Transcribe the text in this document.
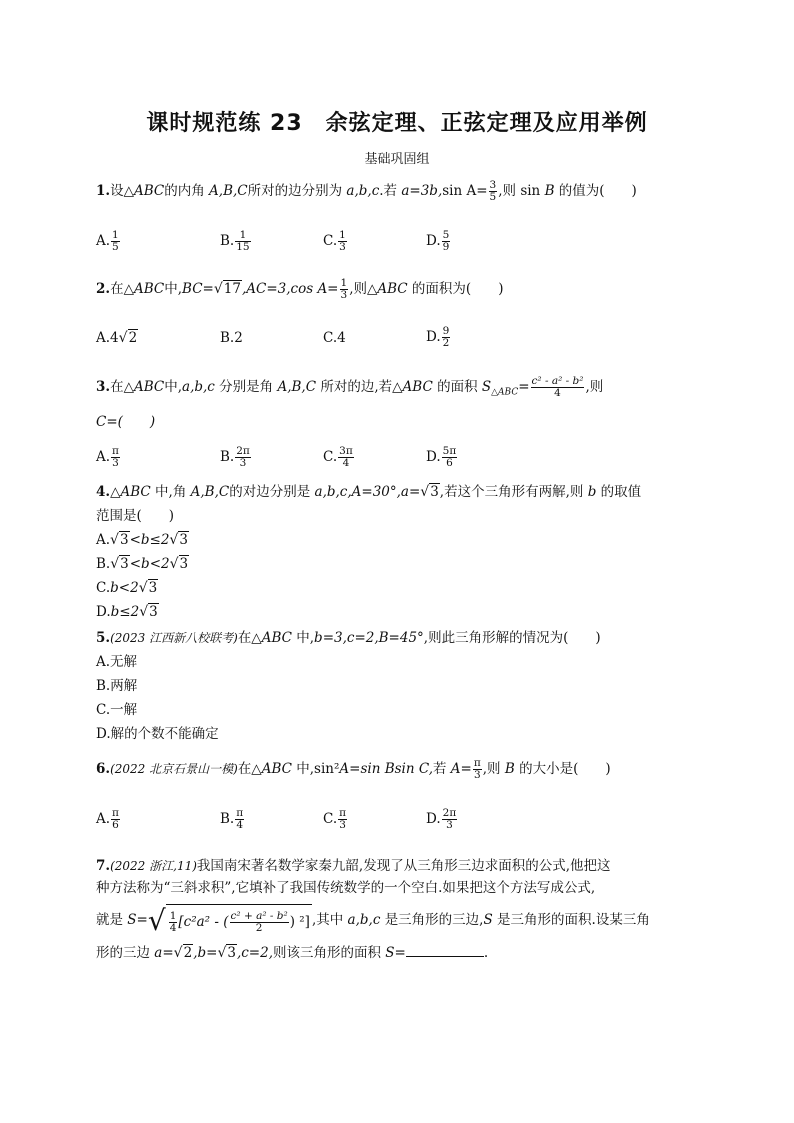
课时规范练 23　余弦定理、正弦定理及应用举例
基础巩固组
1.设△ABC的内角 A,B,C所对的边分别为 a,b,c.若 a=3b,sin $A= \frac{3}{5}$ ,则 sin B 的值为(　　)
A. $\frac{1}{5}$	B. $\frac{1}{15}$	C. $\frac{1}{3}$	D. $\frac{5}{9}$
2.在△ABC中,BC=√17,AC=3,cos $A= \frac{1}{3}$ ,则△ABC 的面积为(　　)
A.4√2	B.2	C.4	D. $\frac{9}{2}$
3.在△ABC中,a,b,c 分别是角 A,B,C 所对的边,若△ABC 的面积 $S_{\triangle ABC}= \frac{\text{c² - a² - b²}}{4}$ ,则
C=(　　)
A. $\frac{\pi}{3}$	B. $\frac{2\pi}{3}$	C. $\frac{3\pi}{4}$	D. $\frac{5\pi}{6}$
4.△ABC 中,角 A,B,C的对边分别是 a,b,c,A=30°,a=√3,若这个三角形有两解,则 b 的取值
范围是(　　)
A.√3<b≤2√3
B.√3<b<2√3
C.b<2√3
D.b≤2√3
5.(2023 江西新八校联考)在△ABC 中,b=3,c=2,B=45°,则此三角形解的情况为(　　)
A.无解
B.两解
C.一解
D.解的个数不能确定
6.(2022 北京石景山一模)在△ABC 中,sin²A=sin Bsin C,若 $A= \frac{\pi}{3}$ ,则 B 的大小是(　　)
A. $\frac{\pi}{6}$	B. $\frac{\pi}{4}$	C. $\frac{\pi}{3}$	D. $\frac{2\pi}{3}$
7.(2022 浙江,11)我国南宋著名数学家秦九韶,发现了从三角形三边求面积的公式,他把这
种方法称为“三斜求积”,它填补了我国传统数学的一个空白.如果把这个方法写成公式,
就是 $S=√ \frac{1}{4} [c^2a^2$ - ( $\frac{\text{c² + a² - b²}}{2}$ ) ²] ,其中 a,b,c 是三角形的三边,S 是三角形的面积.设某三角
形的三边 a=√2,b=√3,c=2,则该三角形的面积 S=	.
